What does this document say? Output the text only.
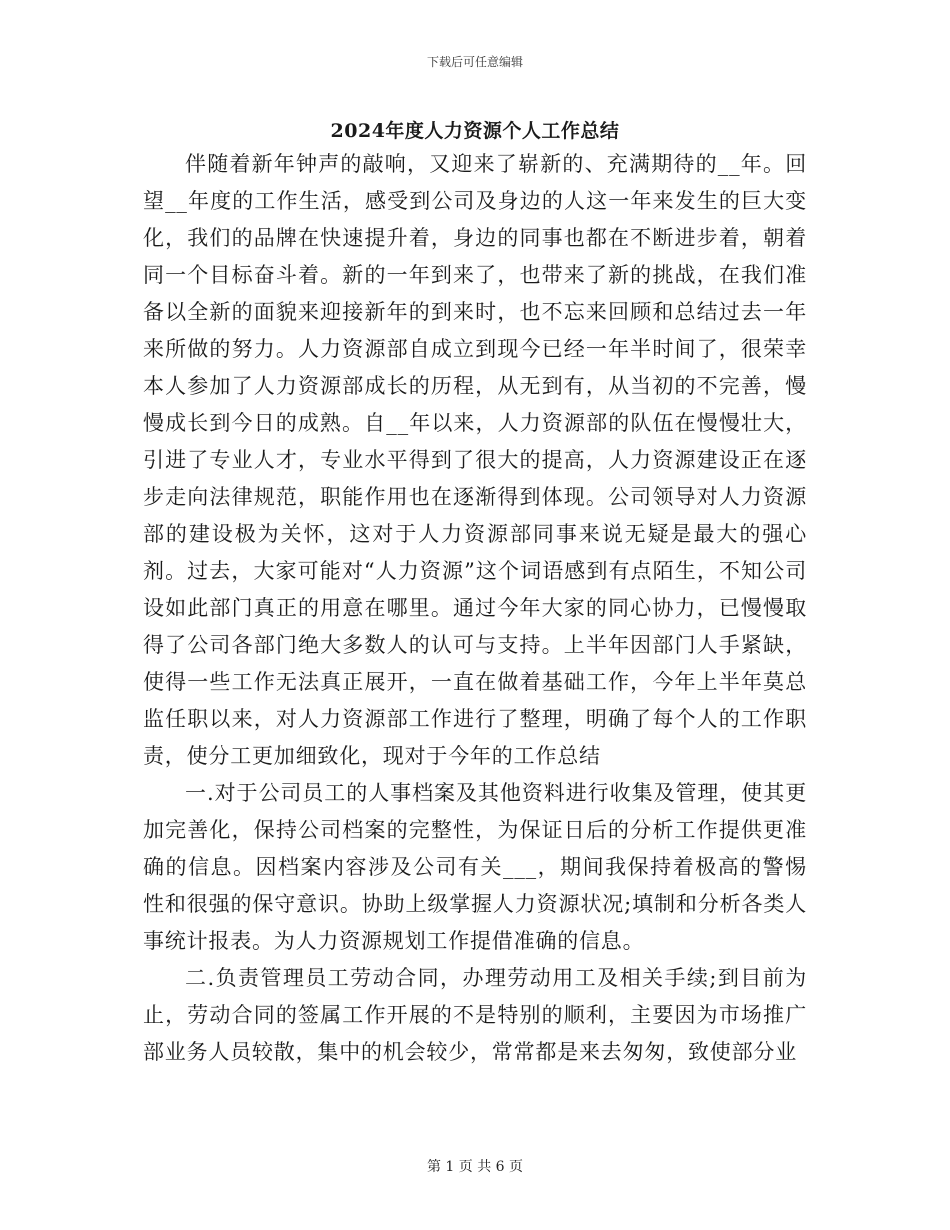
下载后可任意编辑
2024年度人力资源个人工作总结

伴随着新年钟声的敲响，又迎来了崭新的、充满期待的__年。回望__年度的工作生活，感受到公司及身边的人这一年来发生的巨大变化，我们的品牌在快速提升着，身边的同事也都在不断进步着，朝着同一个目标奋斗着。新的一年到来了，也带来了新的挑战，在我们准备以全新的面貌来迎接新年的到来时，也不忘来回顾和总结过去一年来所做的努力。人力资源部自成立到现今已经一年半时间了，很荣幸本人参加了人力资源部成长的历程，从无到有，从当初的不完善，慢慢成长到今日的成熟。自__年以来，人力资源部的队伍在慢慢壮大，引进了专业人才，专业水平得到了很大的提高，人力资源建设正在逐步走向法律规范，职能作用也在逐渐得到体现。公司领导对人力资源部的建设极为关怀，这对于人力资源部同事来说无疑是最大的强心剂。过去，大家可能对“人力资源”这个词语感到有点陌生，不知公司设如此部门真正的用意在哪里。通过今年大家的同心协力，已慢慢取得了公司各部门绝大多数人的认可与支持。上半年因部门人手紧缺，使得一些工作无法真正展开，一直在做着基础工作，今年上半年莫总监任职以来，对人力资源部工作进行了整理，明确了每个人的工作职责，使分工更加细致化，现对于今年的工作总结

一.对于公司员工的人事档案及其他资料进行收集及管理，使其更加完善化，保持公司档案的完整性，为保证日后的分析工作提供更准确的信息。因档案内容涉及公司有关___，期间我保持着极高的警惕性和很强的保守意识。协助上级掌握人力资源状况;填制和分析各类人事统计报表。为人力资源规划工作提借准确的信息。

二.负责管理员工劳动合同，办理劳动用工及相关手续;到目前为止，劳动合同的签属工作开展的不是特别的顺利，主要因为市场推广部业务人员较散，集中的机会较少，常常都是来去匆匆，致使部分业

第 1 页 共 6 页
